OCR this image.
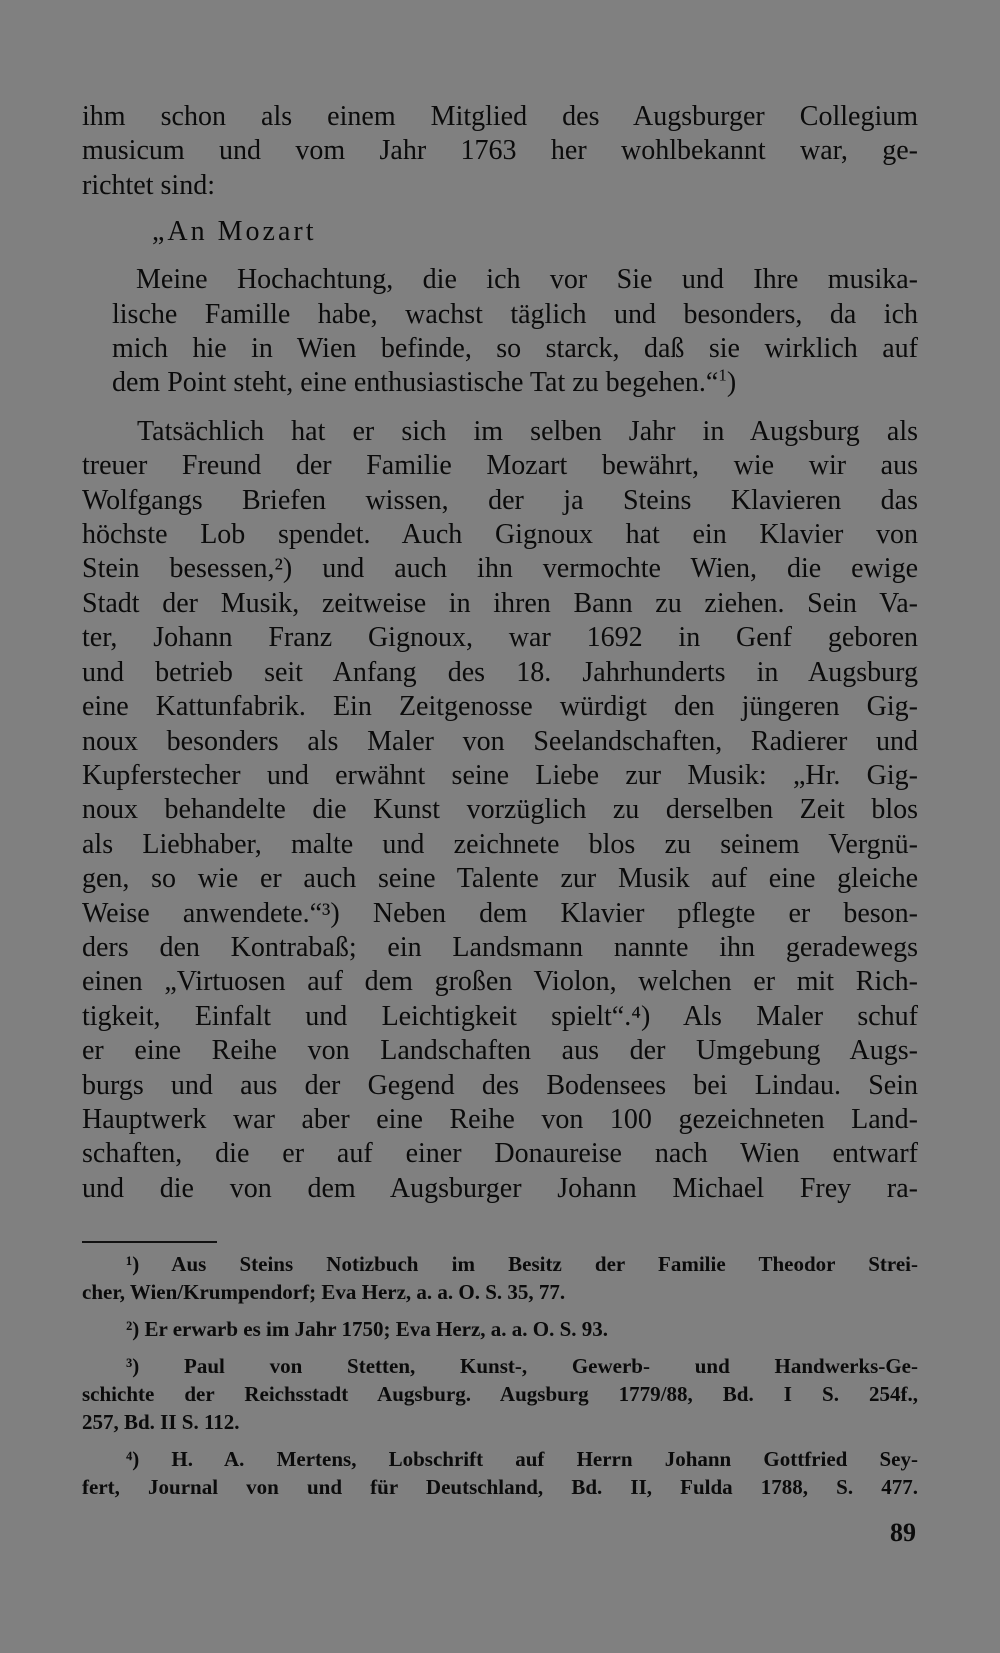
ihm schon als einem Mitglied des Augsburger Collegium
musicum und vom Jahr 1763 her wohlbekannt war, ge-
richtet sind:

„An Mozart

Meine Hochachtung, die ich vor Sie und Ihre musika-
lische Famille habe, wachst täglich und besonders, da ich
mich hie in Wien befinde, so starck, daß sie wirklich auf
dem Point steht, eine enthusiastische Tat zu begehen.“$^1$)

Tatsächlich hat er sich im selben Jahr in Augsburg als
treuer Freund der Familie Mozart bewährt, wie wir aus
Wolfgangs Briefen wissen, der ja Steins Klavieren das
höchste Lob spendet. Auch Gignoux hat ein Klavier von
Stein besessen,²) und auch ihn vermochte Wien, die ewige
Stadt der Musik, zeitweise in ihren Bann zu ziehen. Sein Va-
ter, Johann Franz Gignoux, war 1692 in Genf geboren
und betrieb seit Anfang des 18. Jahrhunderts in Augsburg
eine Kattunfabrik. Ein Zeitgenosse würdigt den jüngeren Gig-
noux besonders als Maler von Seelandschaften, Radierer und
Kupferstecher und erwähnt seine Liebe zur Musik: „Hr. Gig-
noux behandelte die Kunst vorzüglich zu derselben Zeit blos
als Liebhaber, malte und zeichnete blos zu seinem Vergnü-
gen, so wie er auch seine Talente zur Musik auf eine gleiche
Weise anwendete.“³) Neben dem Klavier pflegte er beson-
ders den Kontrabaß; ein Landsmann nannte ihn geradewegs
einen „Virtuosen auf dem großen Violon, welchen er mit Rich-
tigkeit, Einfalt und Leichtigkeit spielt“.⁴) Als Maler schuf
er eine Reihe von Landschaften aus der Umgebung Augs-
burgs und aus der Gegend des Bodensees bei Lindau. Sein
Hauptwerk war aber eine Reihe von 100 gezeichneten Land-
schaften, die er auf einer Donaureise nach Wien entwarf
und die von dem Augsburger Johann Michael Frey ra-

¹) Aus Steins Notizbuch im Besitz der Familie Theodor Strei-
cher, Wien/Krumpendorf; Eva Herz, a. a. O. S. 35, 77.
²) Er erwarb es im Jahr 1750; Eva Herz, a. a. O. S. 93.
³) Paul von Stetten, Kunst-, Gewerb- und Handwerks-Ge-
schichte der Reichsstadt Augsburg. Augsburg 1779/88, Bd. I S. 254f.,
257, Bd. II S. 112.
⁴) H. A. Mertens, Lobschrift auf Herrn Johann Gottfried Sey-
fert, Journal von und für Deutschland, Bd. II, Fulda 1788, S. 477.
89
